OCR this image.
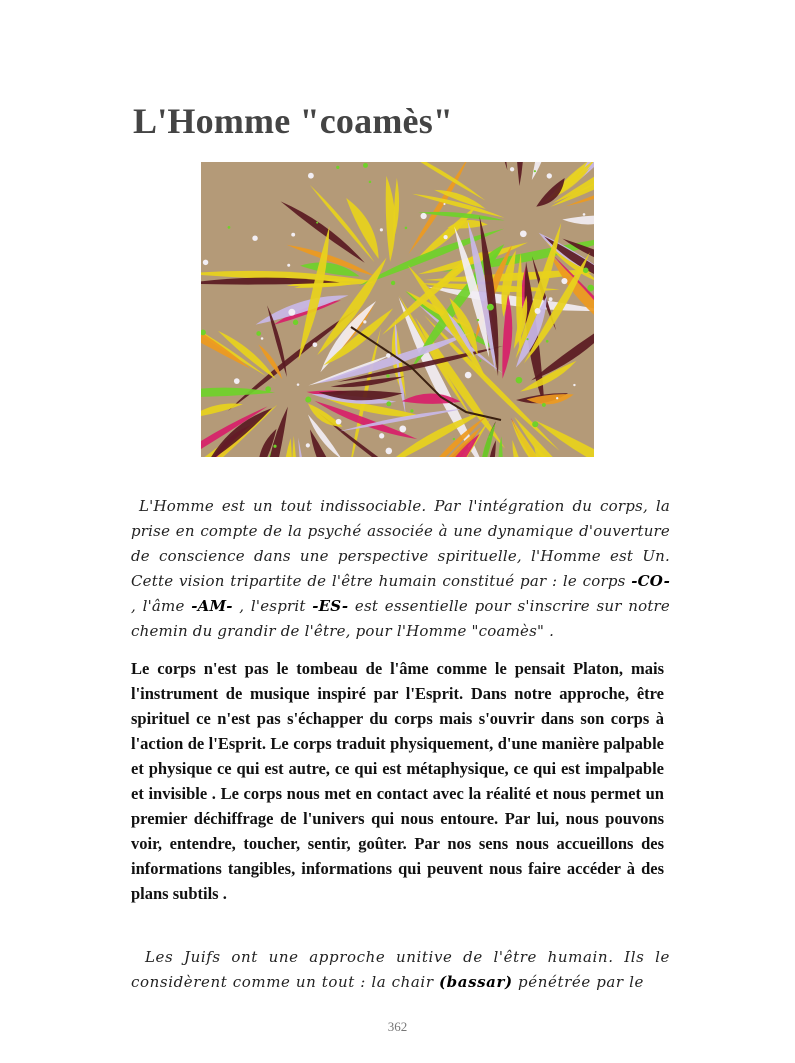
L'Homme "coamès"

L'Homme est un tout indissociable. Par l'intégration du corps, la prise en compte de la psyché associée à une dynamique d'ouverture de conscience dans une perspective spirituelle, l'Homme est Un. Cette vision tripartite de l'être humain constitué par : le corps -CO- , l'âme -AM- , l'esprit -ES- est essentielle pour s'inscrire sur notre chemin du grandir de l'être, pour l'Homme "coamès" .

Le corps n'est pas le tombeau de l'âme comme le pensait Platon, mais l'instrument de musique inspiré par l'Esprit. Dans notre approche, être spirituel ce n'est pas s'échapper du corps mais s'ouvrir dans son corps à l'action de l'Esprit. Le corps traduit physiquement, d'une manière palpable et physique ce qui est autre, ce qui est métaphysique, ce qui est impalpable et invisible . Le corps nous met en contact avec la réalité et nous permet un premier déchiffrage de l'univers qui nous entoure. Par lui, nous pouvons voir, entendre, toucher, sentir, goûter. Par nos sens nous accueillons des informations tangibles, informations qui peuvent nous faire accéder à des plans subtils .

Les Juifs ont une approche unitive de l'être humain. Ils le considèrent comme un tout : la chair (bassar) pénétrée par le

362
